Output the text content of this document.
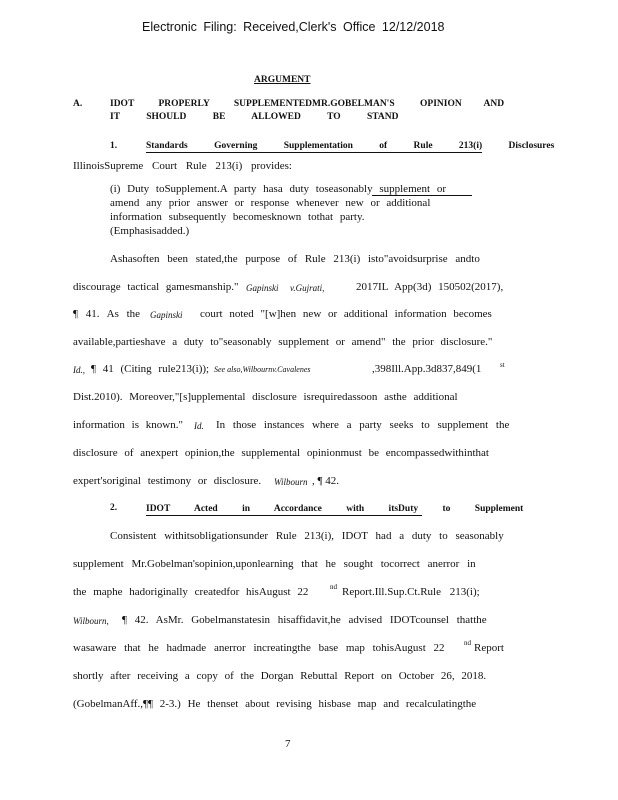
Electronic Filing: Received,Clerk's Office 12/12/2018
ARGUMENT
A.	IDOT PROPERLY SUPPLEMENTEDMR.GOBELMAN'S	OPINION AND
IT SHOULD BE ALLOWED TO STAND
1.	Standards Governing Supplementation of Rule 213(i) Disclosures
IllinoisSupreme Court Rule 213(i) provides:
(i) Duty toSupplement.A party hasa duty toseasonably supplement or
amend any prior answer or response whenever new or additional
information subsequently becomesknown tothat party.
(Emphasisadded.)
Ashasoften been stated,the purpose of Rule 213(i) isto"avoidsurprise andto
discourage tactical gamesmanship." Gapinski v.Gujrati,	2017IL App(3d) 150502(2017),
¶ 41. As the Gapinski court noted "[w]hen new or additional information becomes
available,partieshave a duty to"seasonably supplement or amend" the prior disclosure."
Id., ¶ 41 (Citing rule213(i)); See also,Wilbournv.Cavalenes	,398Ill.App.3d837,849(1	st
Dist.2010). Moreover,"[s]upplemental disclosure isrequiredassoon asthe additional
information is known." Id. In those instances where a party seeks to supplement the
disclosure of anexpert opinion,the supplemental opinionmust be encompassedwithinthat
expert'soriginal testimony or disclosure. Wilbourn , ¶ 42.
2.	IDOT Acted in Accordance with itsDuty to Supplement
Consistent withitsobligationsunder Rule 213(i), IDOT had a duty to seasonably
supplement Mr.Gobelman'sopinion,uponlearning that he sought tocorrect anerror in
the maphe hadoriginally createdfor hisAugust 22	nd Report.Ill.Sup.Ct.Rule 213(i);
Wilbourn, ¶ 42. AsMr. Gobelmanstatesin hisaffidavit,he advised IDOTcounsel thatthe
wasaware that he hadmade anerror increatingthe base map tohisAugust 22	nd Report
shortly after receiving a copy of the Dorgan Rebuttal Report on October 26, 2018.
(GobelmanAff.,¶¶ 2-3.) He thenset about revising hisbase map and recalculatingthe
7
